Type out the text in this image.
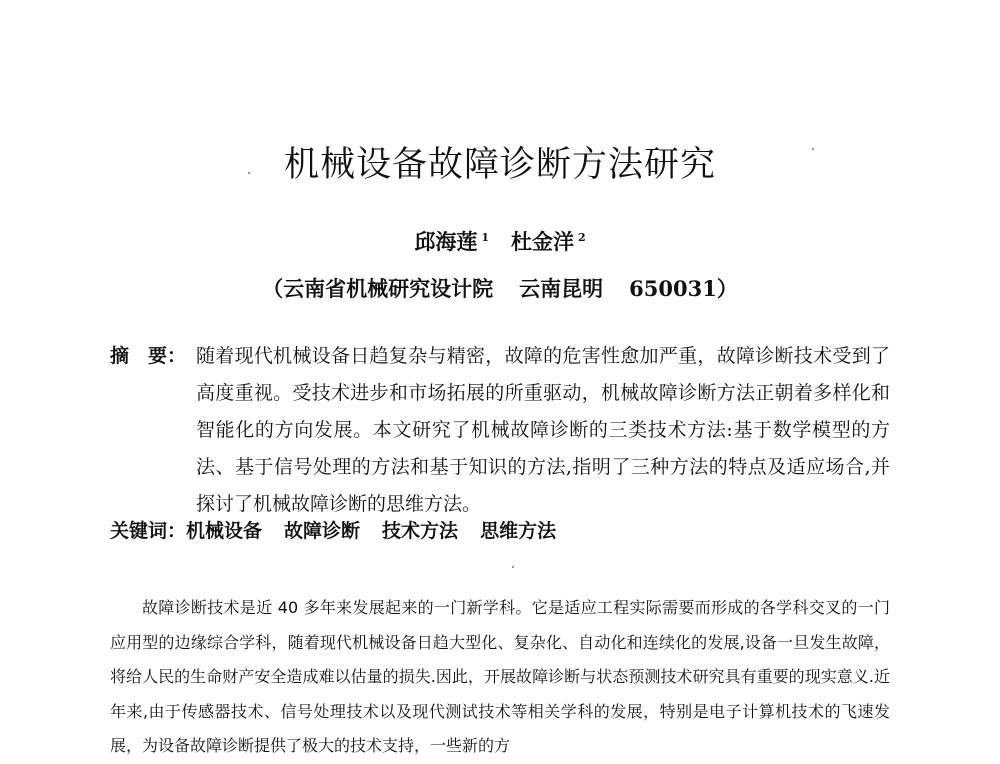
机械设备故障诊断方法研究
邱海莲 $^1$ 杜金洋 $^2$
（云南省机械研究设计院 云南昆明 650031）
摘　要： 随着现代机械设备日趋复杂与精密，故障的危害性愈加严重，故障诊断技术受到了高度重视。受技术进步和市场拓展的所重驱动，机械故障诊断方法正朝着多样化和智能化的方向发展。本文研究了机械故障诊断的三类技术方法:基于数学模型的方法、基于信号处理的方法和基于知识的方法,指明了三种方法的特点及适应场合,并探讨了机械故障诊断的思维方法。
关键词：机械设备 故障诊断 技术方法 思维方法
故障诊断技术是近 40 多年来发展起来的一门新学科。它是适应工程实际需要而形成的各学科交叉的一门应用型的边缘综合学科，随着现代机械设备日趋大型化、复杂化、自动化和连续化的发展,设备一旦发生故障，将给人民的生命财产安全造成难以估量的损失.因此，开展故障诊断与状态预测技术研究具有重要的现实意义.近年来,由于传感器技术、信号处理技术以及现代测试技术等相关学科的发展，特别是电子计算机技术的飞速发展，为设备故障诊断提供了极大的技术支持，一些新的方
